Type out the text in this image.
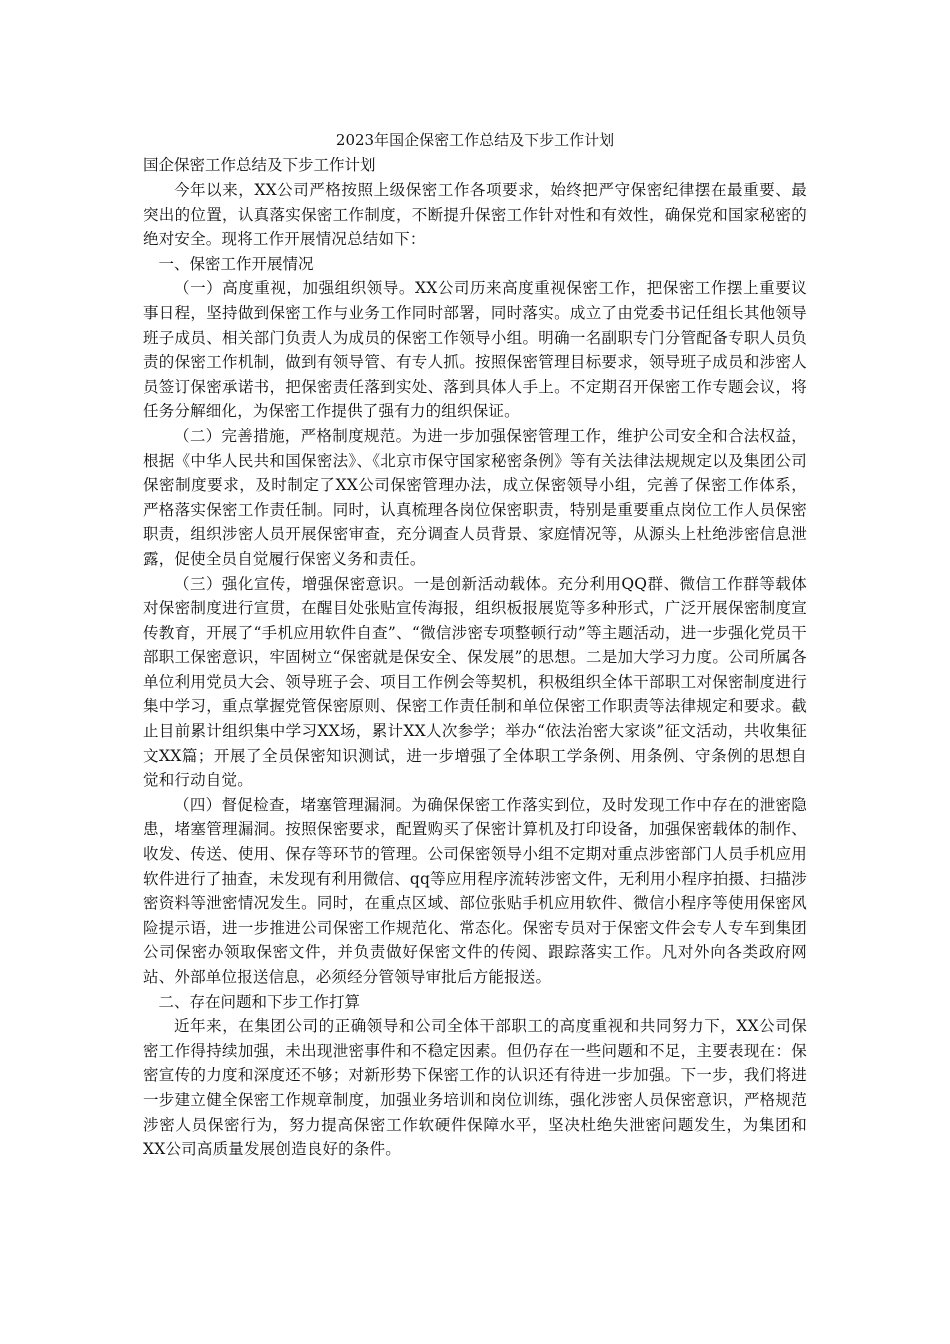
2023年国企保密工作总结及下步工作计划
国企保密工作总结及下步工作计划

今年以来，XX公司严格按照上级保密工作各项要求，始终把严守保密纪律摆在最重要、最突出的位置，认真落实保密工作制度，不断提升保密工作针对性和有效性，确保党和国家秘密的绝对安全。现将工作开展情况总结如下：

一、保密工作开展情况

（一）高度重视，加强组织领导。XX公司历来高度重视保密工作，把保密工作摆上重要议事日程，坚持做到保密工作与业务工作同时部署，同时落实。成立了由党委书记任组长其他领导班子成员、相关部门负责人为成员的保密工作领导小组。明确一名副职专门分管配备专职人员负责的保密工作机制，做到有领导管、有专人抓。按照保密管理目标要求，领导班子成员和涉密人员签订保密承诺书，把保密责任落到实处、落到具体人手上。不定期召开保密工作专题会议，将任务分解细化，为保密工作提供了强有力的组织保证。

（二）完善措施，严格制度规范。为进一步加强保密管理工作，维护公司安全和合法权益，根据《中华人民共和国保密法》、《北京市保守国家秘密条例》等有关法律法规规定以及集团公司保密制度要求，及时制定了XX公司保密管理办法，成立保密领导小组，完善了保密工作体系，严格落实保密工作责任制。同时，认真梳理各岗位保密职责，特别是重要重点岗位工作人员保密职责，组织涉密人员开展保密审查，充分调查人员背景、家庭情况等，从源头上杜绝涉密信息泄露，促使全员自觉履行保密义务和责任。

（三）强化宣传，增强保密意识。一是创新活动载体。充分利用QQ群、微信工作群等载体对保密制度进行宣贯，在醒目处张贴宣传海报，组织板报展览等多种形式，广泛开展保密制度宣传教育，开展了“手机应用软件自查”、“微信涉密专项整顿行动”等主题活动，进一步强化党员干部职工保密意识，牢固树立“保密就是保安全、保发展”的思想。二是加大学习力度。公司所属各单位利用党员大会、领导班子会、项目工作例会等契机，积极组织全体干部职工对保密制度进行集中学习，重点掌握党管保密原则、保密工作责任制和单位保密工作职责等法律规定和要求。截止目前累计组织集中学习XX场，累计XX人次参学；举办“依法治密大家谈”征文活动，共收集征文XX篇；开展了全员保密知识测试，进一步增强了全体职工学条例、用条例、守条例的思想自觉和行动自觉。

（四）督促检查，堵塞管理漏洞。为确保保密工作落实到位，及时发现工作中存在的泄密隐患，堵塞管理漏洞。按照保密要求，配置购买了保密计算机及打印设备，加强保密载体的制作、收发、传送、使用、保存等环节的管理。公司保密领导小组不定期对重点涉密部门人员手机应用软件进行了抽查，未发现有利用微信、qq等应用程序流转涉密文件，无利用小程序拍摄、扫描涉密资料等泄密情况发生。同时，在重点区域、部位张贴手机应用软件、微信小程序等使用保密风险提示语，进一步推进公司保密工作规范化、常态化。保密专员对于保密文件会专人专车到集团公司保密办领取保密文件，并负责做好保密文件的传阅、跟踪落实工作。凡对外向各类政府网站、外部单位报送信息，必须经分管领导审批后方能报送。

二、存在问题和下步工作打算

近年来，在集团公司的正确领导和公司全体干部职工的高度重视和共同努力下，XX公司保密工作得持续加强，未出现泄密事件和不稳定因素。但仍存在一些问题和不足，主要表现在：保密宣传的力度和深度还不够；对新形势下保密工作的认识还有待进一步加强。下一步，我们将进一步建立健全保密工作规章制度，加强业务培训和岗位训练，强化涉密人员保密意识，严格规范涉密人员保密行为，努力提高保密工作软硬件保障水平，坚决杜绝失泄密问题发生，为集团和XX公司高质量发展创造良好的条件。
